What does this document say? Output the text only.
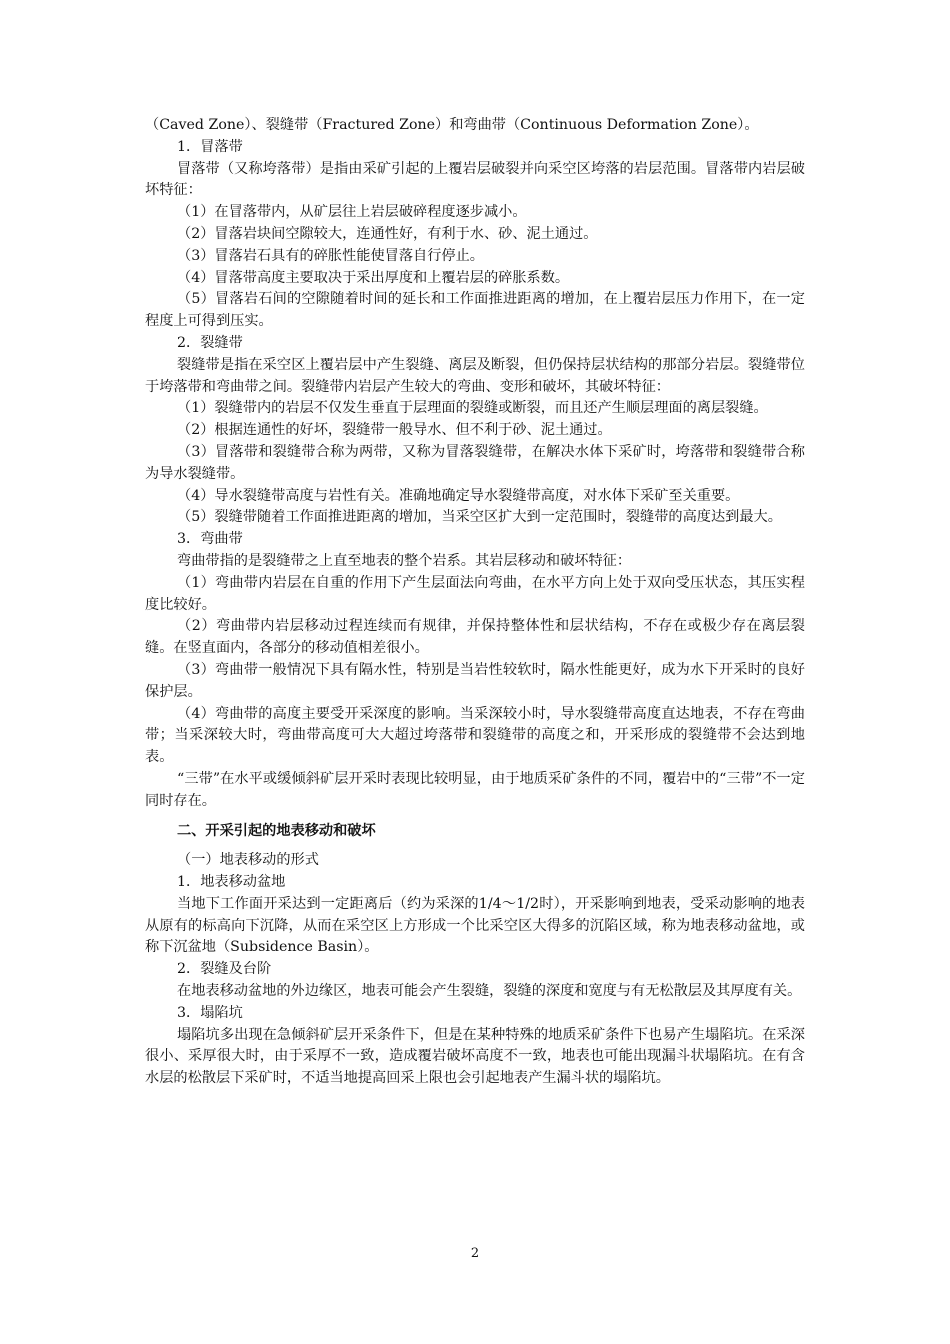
（Caved Zone）、裂缝带（Fractured Zone）和弯曲带（Continuous Deformation Zone）。

1．冒落带

冒落带（又称垮落带）是指由采矿引起的上覆岩层破裂并向采空区垮落的岩层范围。冒落带内岩层破坏特征：

（1）在冒落带内，从矿层往上岩层破碎程度逐步减小。

（2）冒落岩块间空隙较大，连通性好，有利于水、砂、泥土通过。

（3）冒落岩石具有的碎胀性能使冒落自行停止。

（4）冒落带高度主要取决于采出厚度和上覆岩层的碎胀系数。

（5）冒落岩石间的空隙随着时间的延长和工作面推进距离的增加，在上覆岩层压力作用下，在一定程度上可得到压实。

2．裂缝带

裂缝带是指在采空区上覆岩层中产生裂缝、离层及断裂，但仍保持层状结构的那部分岩层。裂缝带位于垮落带和弯曲带之间。裂缝带内岩层产生较大的弯曲、变形和破坏，其破坏特征：

（1）裂缝带内的岩层不仅发生垂直于层理面的裂缝或断裂，而且还产生顺层理面的离层裂缝。

（2）根据连通性的好坏，裂缝带一般导水、但不利于砂、泥土通过。

（3）冒落带和裂缝带合称为两带，又称为冒落裂缝带，在解决水体下采矿时，垮落带和裂缝带合称为导水裂缝带。

（4）导水裂缝带高度与岩性有关。准确地确定导水裂缝带高度，对水体下采矿至关重要。

（5）裂缝带随着工作面推进距离的增加，当采空区扩大到一定范围时，裂缝带的高度达到最大。

3．弯曲带

弯曲带指的是裂缝带之上直至地表的整个岩系。其岩层移动和破坏特征：

（1）弯曲带内岩层在自重的作用下产生层面法向弯曲，在水平方向上处于双向受压状态，其压实程度比较好。

（2）弯曲带内岩层移动过程连续而有规律，并保持整体性和层状结构，不存在或极少存在离层裂缝。在竖直面内，各部分的移动值相差很小。

（3）弯曲带一般情况下具有隔水性，特别是当岩性较软时，隔水性能更好，成为水下开采时的良好保护层。

（4）弯曲带的高度主要受开采深度的影响。当采深较小时，导水裂缝带高度直达地表，不存在弯曲带；当采深较大时，弯曲带高度可大大超过垮落带和裂缝带的高度之和，开采形成的裂缝带不会达到地表。

“三带”在水平或缓倾斜矿层开采时表现比较明显，由于地质采矿条件的不同，覆岩中的“三带”不一定同时存在。

二、开采引起的地表移动和破坏

（一）地表移动的形式

1．地表移动盆地

当地下工作面开采达到一定距离后（约为采深的1/4～1/2时），开采影响到地表，受采动影响的地表从原有的标高向下沉降，从而在采空区上方形成一个比采空区大得多的沉陷区域，称为地表移动盆地，或称下沉盆地（Subsidence Basin）。

2．裂缝及台阶

在地表移动盆地的外边缘区，地表可能会产生裂缝，裂缝的深度和宽度与有无松散层及其厚度有关。

3．塌陷坑

塌陷坑多出现在急倾斜矿层开采条件下，但是在某种特殊的地质采矿条件下也易产生塌陷坑。在采深很小、采厚很大时，由于采厚不一致，造成覆岩破坏高度不一致，地表也可能出现漏斗状塌陷坑。在有含水层的松散层下采矿时，不适当地提高回采上限也会引起地表产生漏斗状的塌陷坑。

2
